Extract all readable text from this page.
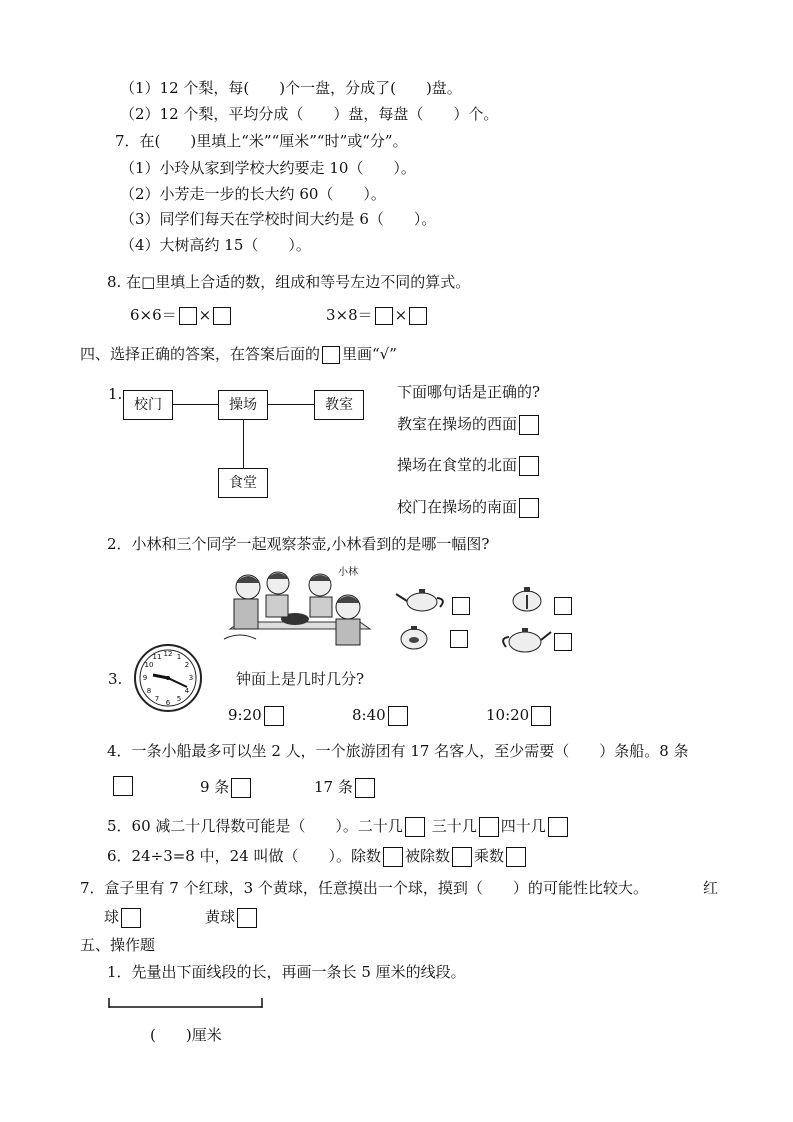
（1）12 个梨，每(　　)个一盘，分成了(　　)盘。
（2）12 个梨，平均分成（　　）盘，每盘（　　）个。
7．在(　　)里填上“米”“厘米”“时”或“分”。
（1）小玲从家到学校大约要走 10（　　）。
（2）小芳走一步的长大约 60（　　）。
（3）同学们每天在学校时间大约是 6（　　）。
（4）大树高约 15（　　）。
8. 在□里填上合适的数，组成和等号左边不同的算式。
6×6＝ ×	3×8＝ ×
四、选择正确的答案，在答案后面的 里画“√”
1.
校门	操场	教室
食堂
下面哪句话是正确的?
教室在操场的西面
操场在食堂的北面
校门在操场的南面
2．小林和三个同学一起观察茶壶,小林看到的是哪一幅图?
小林
3.
12 1
2
3
4
5
6
7
8
9
10
11
钟面上是几时几分?
9:20	8:40	10:20
4．一条小船最多可以坐 2 人，一个旅游团有 17 名客人，至少需要（　　）条船。8 条
9 条	17 条
5．60 减二十几得数可能是（　　）。二十几 三十几 四十几
6．24÷3=8 中，24 叫做（　　）。除数 被除数 乘数
7．盒子里有 7 个红球，3 个黄球，任意摸出一个球，摸到（　　）的可能性比较大。	红
球	黄球
五、操作题
1．先量出下面线段的长，再画一条长 5 厘米的线段。
(　　)厘米
